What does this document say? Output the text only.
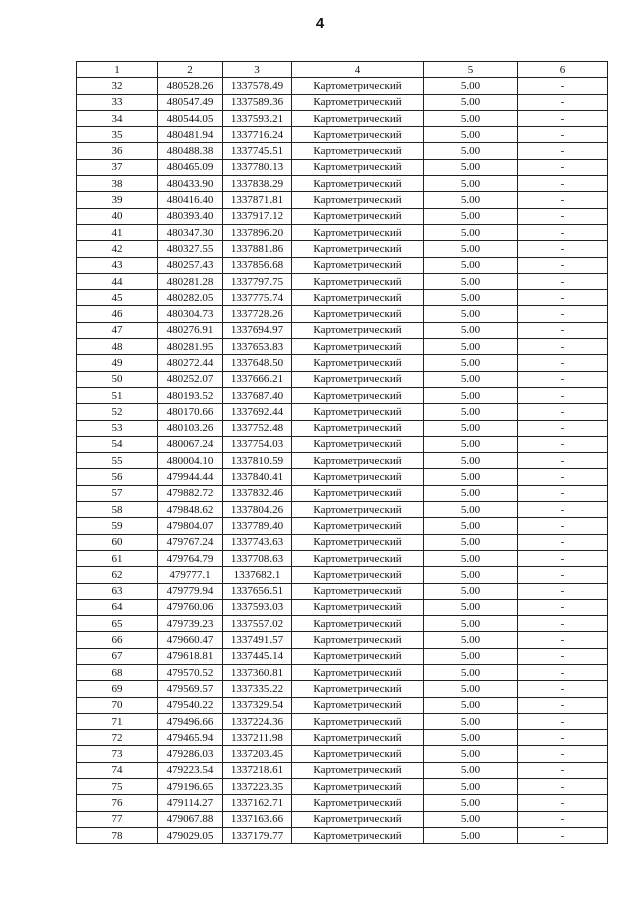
4
1	2	3	4	5	6
32	480528.26	1337578.49	Картометрический	5.00	-
33	480547.49	1337589.36	Картометрический	5.00	-
34	480544.05	1337593.21	Картометрический	5.00	-
35	480481.94	1337716.24	Картометрический	5.00	-
36	480488.38	1337745.51	Картометрический	5.00	-
37	480465.09	1337780.13	Картометрический	5.00	-
38	480433.90	1337838.29	Картометрический	5.00	-
39	480416.40	1337871.81	Картометрический	5.00	-
40	480393.40	1337917.12	Картометрический	5.00	-
41	480347.30	1337896.20	Картометрический	5.00	-
42	480327.55	1337881.86	Картометрический	5.00	-
43	480257.43	1337856.68	Картометрический	5.00	-
44	480281.28	1337797.75	Картометрический	5.00	-
45	480282.05	1337775.74	Картометрический	5.00	-
46	480304.73	1337728.26	Картометрический	5.00	-
47	480276.91	1337694.97	Картометрический	5.00	-
48	480281.95	1337653.83	Картометрический	5.00	-
49	480272.44	1337648.50	Картометрический	5.00	-
50	480252.07	1337666.21	Картометрический	5.00	-
51	480193.52	1337687.40	Картометрический	5.00	-
52	480170.66	1337692.44	Картометрический	5.00	-
53	480103.26	1337752.48	Картометрический	5.00	-
54	480067.24	1337754.03	Картометрический	5.00	-
55	480004.10	1337810.59	Картометрический	5.00	-
56	479944.44	1337840.41	Картометрический	5.00	-
57	479882.72	1337832.46	Картометрический	5.00	-
58	479848.62	1337804.26	Картометрический	5.00	-
59	479804.07	1337789.40	Картометрический	5.00	-
60	479767.24	1337743.63	Картометрический	5.00	-
61	479764.79	1337708.63	Картометрический	5.00	-
62	479777.1	1337682.1	Картометрический	5.00	-
63	479779.94	1337656.51	Картометрический	5.00	-
64	479760.06	1337593.03	Картометрический	5.00	-
65	479739.23	1337557.02	Картометрический	5.00	-
66	479660.47	1337491.57	Картометрический	5.00	-
67	479618.81	1337445.14	Картометрический	5.00	-
68	479570.52	1337360.81	Картометрический	5.00	-
69	479569.57	1337335.22	Картометрический	5.00	-
70	479540.22	1337329.54	Картометрический	5.00	-
71	479496.66	1337224.36	Картометрический	5.00	-
72	479465.94	1337211.98	Картометрический	5.00	-
73	479286.03	1337203.45	Картометрический	5.00	-
74	479223.54	1337218.61	Картометрический	5.00	-
75	479196.65	1337223.35	Картометрический	5.00	-
76	479114.27	1337162.71	Картометрический	5.00	-
77	479067.88	1337163.66	Картометрический	5.00	-
78	479029.05	1337179.77	Картометрический	5.00	-
